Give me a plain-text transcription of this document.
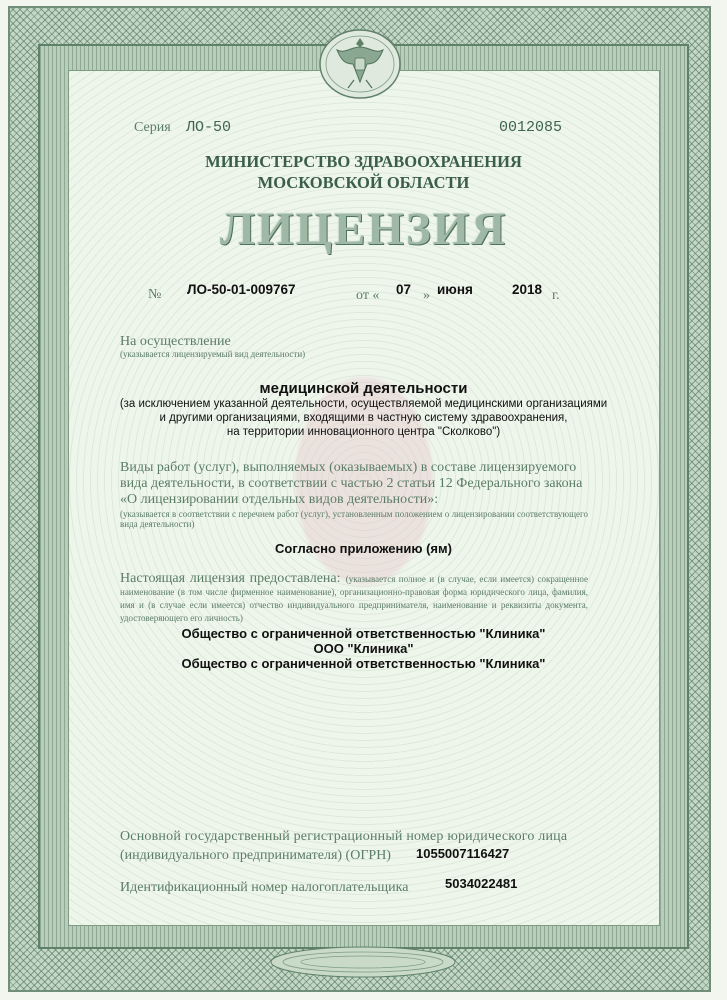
Серия ЛО-50	0012085
МИНИСТЕРСТВО ЗДРАВООХРАНЕНИЯ
МОСКОВСКОЙ ОБЛАСТИ
ЛИЦЕНЗИЯ
№ ЛО-50-01-009767	от « 07 » июня	2018 г.
На осуществление
(указывается лицензируемый вид деятельности)
медицинской деятельности
(за исключением указанной деятельности, осуществляемой медицинскими организациями
и другими организациями, входящими в частную систему здравоохранения,
на территории инновационного центра "Сколково")
Виды работ (услуг), выполняемых (оказываемых) в составе лицензируемого
вида деятельности, в соответствии с частью 2 статьи 12 Федерального закона
«О лицензировании отдельных видов деятельности»:
(указывается в соответствии с перечнем работ (услуг), установленным положением о лицензировании соответствующего вида деятельности)
Согласно приложению (ям)
Настоящая лицензия предоставлена: (указывается полное и (в случае, если имеется) сокращенное наименование (в том числе фирменное наименование), организационно-правовая форма юридического лица, фамилия, имя и (в случае если имеется) отчество индивидуального предпринимателя, наименование и реквизиты документа, удостоверяющего его личность)
Общество с ограниченной ответственностью "Клиника"
ООО "Клиника"
Общество с ограниченной ответственностью "Клиника"
Основной государственный регистрационный номер юридического лица
(индивидуального предпринимателя) (ОГРН) 1055007116427
Идентификационный номер налогоплательщика	5034022481
